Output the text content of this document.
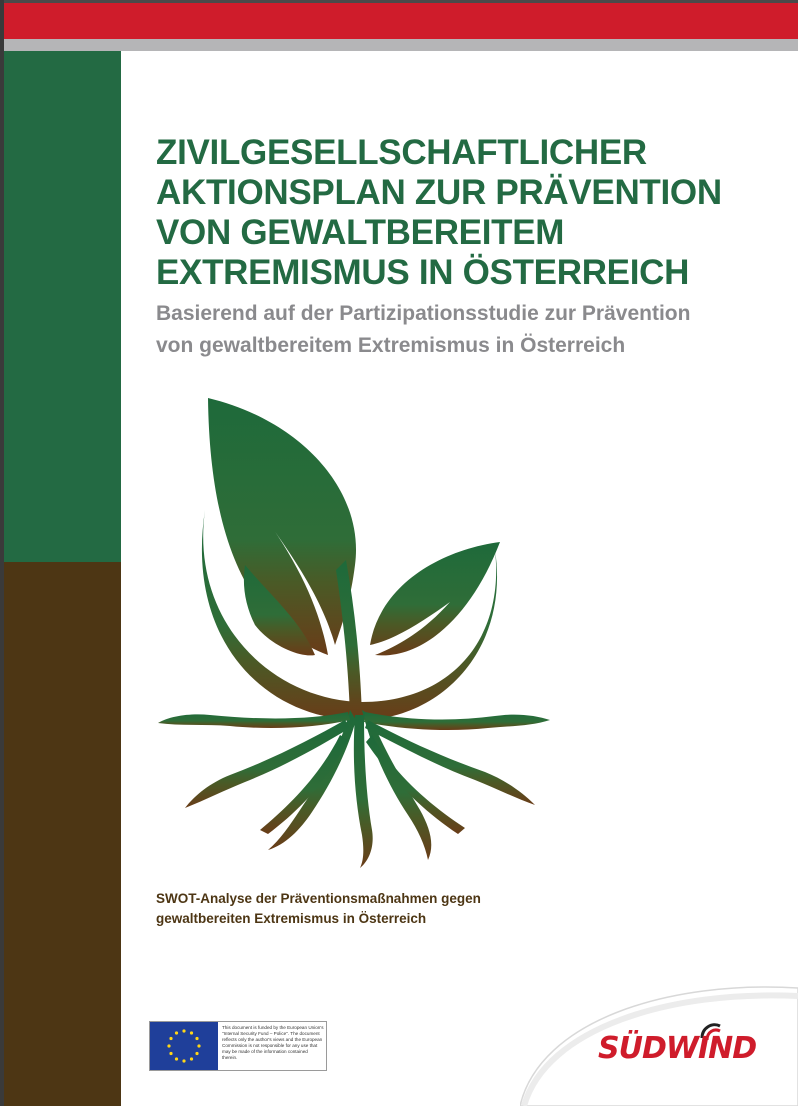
ZIVILGESELLSCHAFTLICHER
AKTIONSPLAN ZUR PRÄVENTION
VON GEWALTBEREITEM
EXTREMISMUS IN ÖSTERREICH
Basierend auf der Partizipationsstudie zur Prävention
von gewaltbereitem Extremismus in Österreich
SWOT-Analyse der Präventionsmaßnahmen gegen
gewaltbereiten Extremismus in Österreich
This document is funded by the European Union's "Internal Security Fund – Police". The document reflects only the author's views and the European Commission is not responsible for any use that may be made of the information contained therein.	SÜDWIND
